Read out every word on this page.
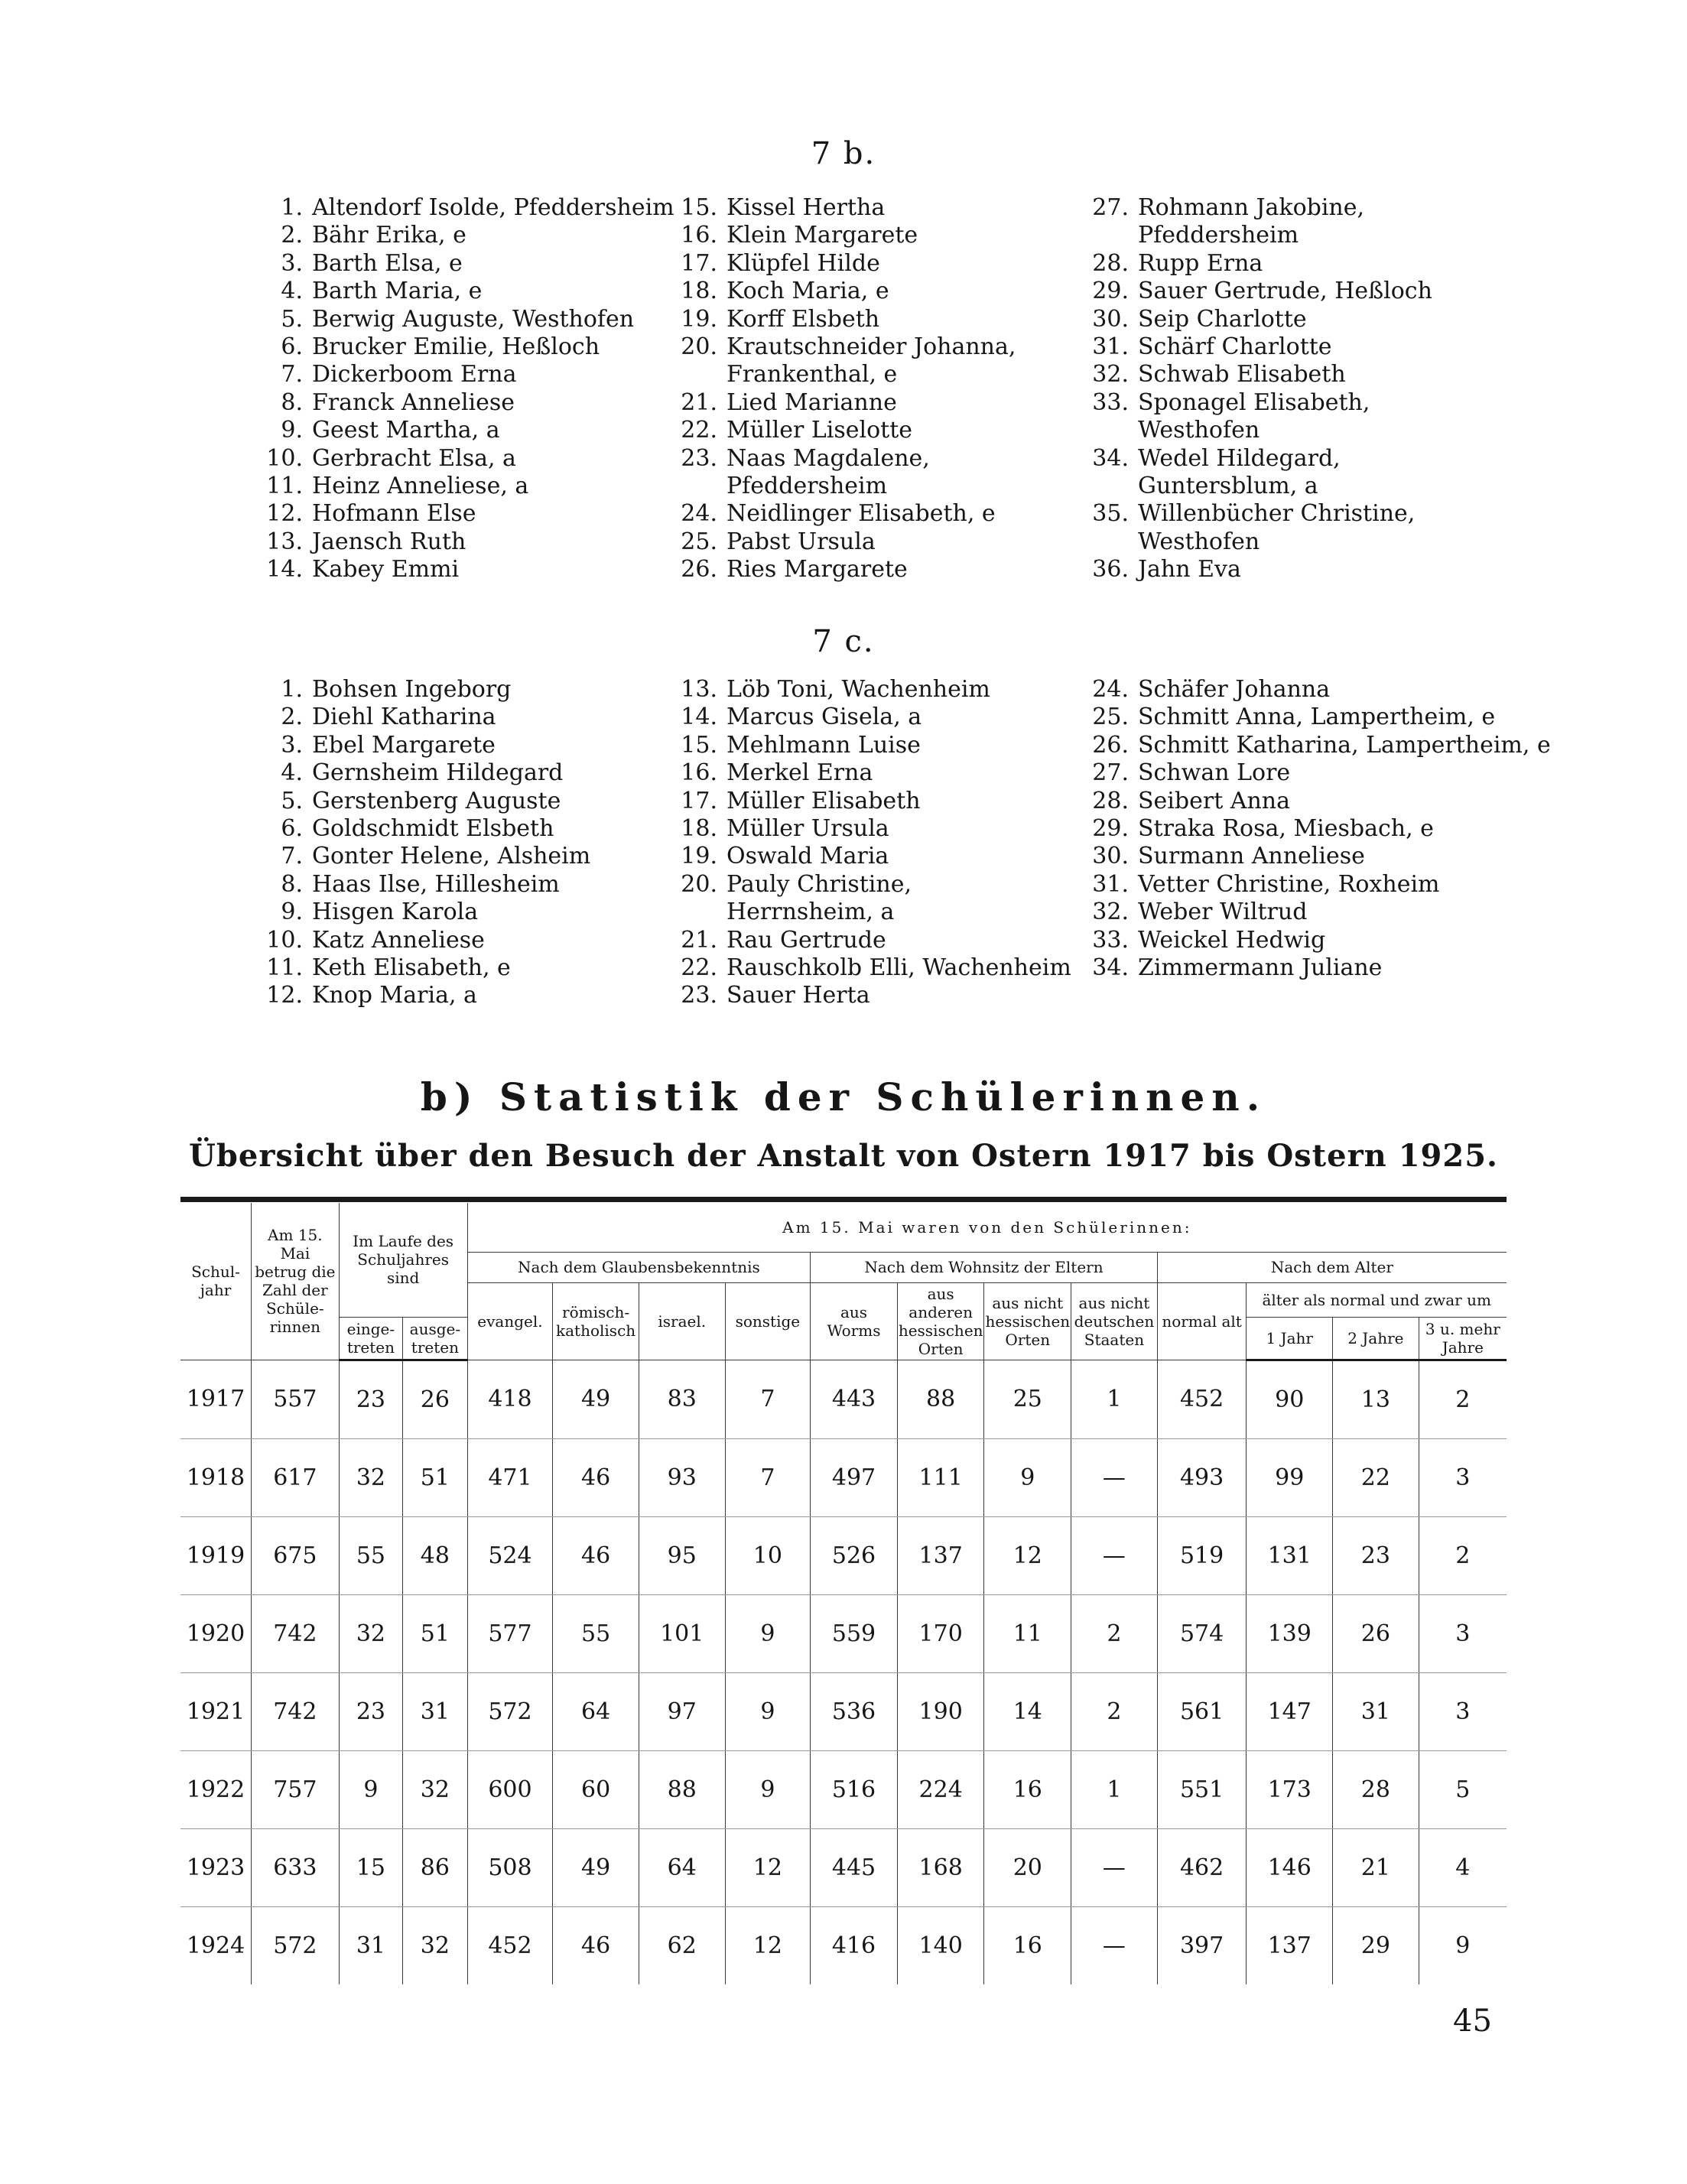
7 b.
1. Altendorf Isolde, Pfeddersheim
2. Bähr Erika, e
3. Barth Elsa, e
4. Barth Maria, e
5. Berwig Auguste, Westhofen
6. Brucker Emilie, Heßloch
7. Dickerboom Erna
8. Franck Anneliese
9. Geest Martha, a
10. Gerbracht Elsa, a
11. Heinz Anneliese, a
12. Hofmann Else
13. Jaensch Ruth
14. Kabey Emmi
15. Kissel Hertha
16. Klein Margarete
17. Klüpfel Hilde
18. Koch Maria, e
19. Korff Elsbeth
20. Krautschneider Johanna,
Frankenthal, e
21. Lied Marianne
22. Müller Liselotte
23. Naas Magdalene,
Pfeddersheim
24. Neidlinger Elisabeth, e
25. Pabst Ursula
26. Ries Margarete
27. Rohmann Jakobine,
Pfeddersheim
28. Rupp Erna
29. Sauer Gertrude, Heßloch
30. Seip Charlotte
31. Schärf Charlotte
32. Schwab Elisabeth
33. Sponagel Elisabeth,
Westhofen
34. Wedel Hildegard,
Guntersblum, a
35. Willenbücher Christine,
Westhofen
36. Jahn Eva
7 c.
1. Bohsen Ingeborg
2. Diehl Katharina
3. Ebel Margarete
4. Gernsheim Hildegard
5. Gerstenberg Auguste
6. Goldschmidt Elsbeth
7. Gonter Helene, Alsheim
8. Haas Ilse, Hillesheim
9. Hisgen Karola
10. Katz Anneliese
11. Keth Elisabeth, e
12. Knop Maria, a
13. Löb Toni, Wachenheim
14. Marcus Gisela, a
15. Mehlmann Luise
16. Merkel Erna
17. Müller Elisabeth
18. Müller Ursula
19. Oswald Maria
20. Pauly Christine,
Herrnsheim, a
21. Rau Gertrude
22. Rauschkolb Elli, Wachenheim
23. Sauer Herta
24. Schäfer Johanna
25. Schmitt Anna, Lampertheim, e
26. Schmitt Katharina, Lampertheim, e
27. Schwan Lore
28. Seibert Anna
29. Straka Rosa, Miesbach, e
30. Surmann Anneliese
31. Vetter Christine, Roxheim
32. Weber Wiltrud
33. Weickel Hedwig
34. Zimmermann Juliane
b) Statistik der Schülerinnen.
Übersicht über den Besuch der Anstalt von Ostern 1917 bis Ostern 1925.
Schul-jahr	Am 15. Mai betrug die Zahl der Schüle-rinnen	Im Laufe des Schuljahres sind		Am 15. Mai waren von den Schülerinnen:											
				Nach dem Glaubensbekenntnis				Nach dem Wohnsitz der Eltern				Nach dem Alter			
				evangel.	römisch-katholisch	israel.	sonstige	aus Worms	aus anderen hessischen Orten	aus nicht hessischen Orten	aus nicht deutschen Staaten	normal alt	älter als normal und zwar um		
		einge-treten	ausge-treten										1 Jahr	2 Jahre	3 u. mehr Jahre
1917	557	23	26	418	49	83	7	443	88	25	1	452	90	13	2
1918	617	32	51	471	46	93	7	497	111	9	—	493	99	22	3
1919	675	55	48	524	46	95	10	526	137	12	—	519	131	23	2
1920	742	32	51	577	55	101	9	559	170	11	2	574	139	26	3
1921	742	23	31	572	64	97	9	536	190	14	2	561	147	31	3
1922	757	9	32	600	60	88	9	516	224	16	1	551	173	28	5
1923	633	15	86	508	49	64	12	445	168	20	—	462	146	21	4
1924	572	31	32	452	46	62	12	416	140	16	—	397	137	29	9
45
